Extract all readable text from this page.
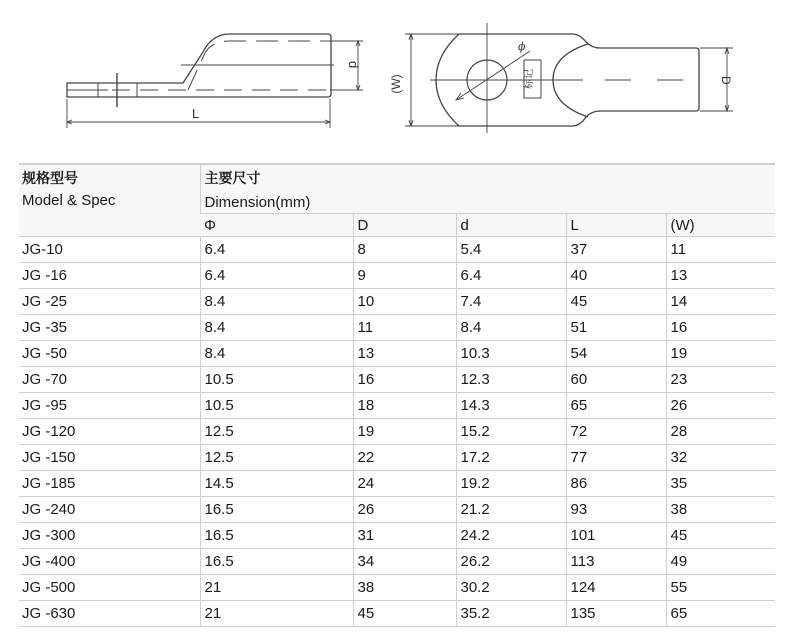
L
d
(W)	D
ϕ
标记
规格型号	主要尺寸				
Model & Spec	Dimension(mm)				
	Φ	D	d	L	(W)
JG-10	6.4	8	5.4	37	11
JG -16	6.4	9	6.4	40	13
JG -25	8.4	10	7.4	45	14
JG -35	8.4	11	8.4	51	16
JG -50	8.4	13	10.3	54	19
JG -70	10.5	16	12.3	60	23
JG -95	10.5	18	14.3	65	26
JG -120	12.5	19	15.2	72	28
JG -150	12.5	22	17.2	77	32
JG -185	14.5	24	19.2	86	35
JG -240	16.5	26	21.2	93	38
JG -300	16.5	31	24.2	101	45
JG -400	16.5	34	26.2	113	49
JG -500	21	38	30.2	124	55
JG -630	21	45	35.2	135	65
